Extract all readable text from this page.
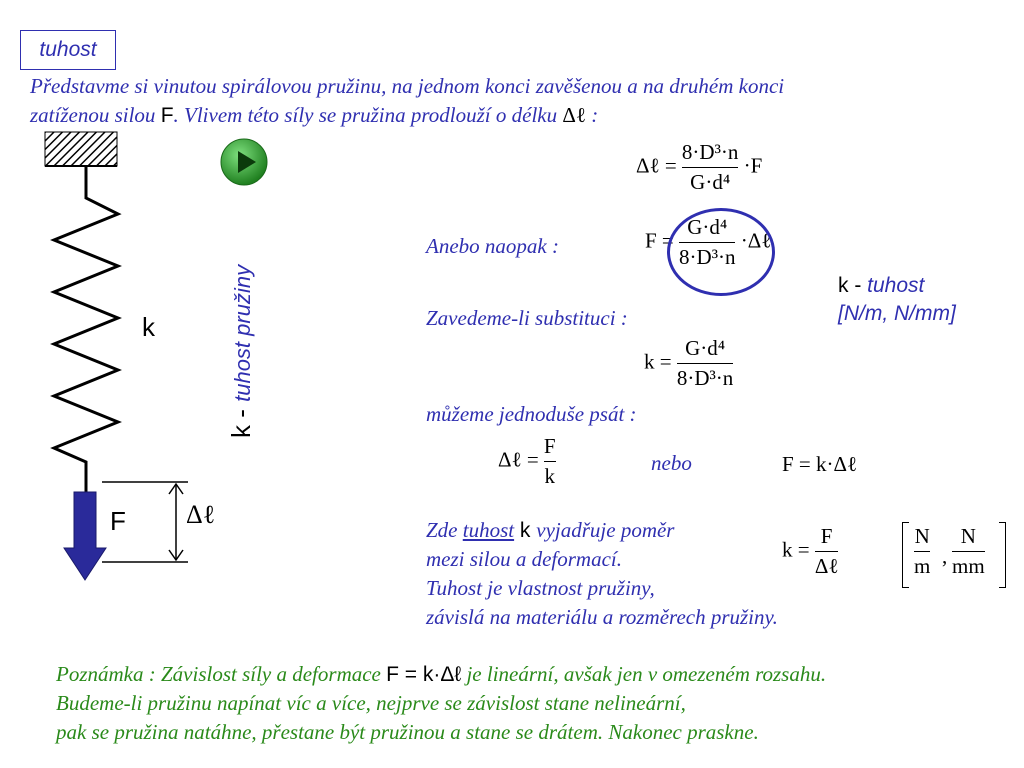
tuhost
Představme si vinutou spirálovou pružinu, na jednom konci zavěšenou a na druhém konci
zatíženou silou F. Vlivem této síly se pružina prodlouží o délku Δℓ :
k
F Δℓ
k - tuhost pružiny
Δℓ = $\frac{\text{8·D³·n}}{\text{G·d⁴}} \cdot F$
Anebo naopak :	$F = \frac{\text{G·d⁴}}{\text{8·D³·n}}$ ·Δℓ
k - tuhost
[N/m, N/mm]
Zavedeme-li substituci :
$k = \frac{\text{G·d⁴}}{\text{8·D³·n}}$
můžeme jednoduše psát :
Δℓ = $\frac{F}{k}$	nebo	F = k·Δℓ
Zde tuhost k vyjadřuje poměr
mezi silou a deformací.
Tuhost je vlastnost pružiny,
závislá na materiálu a rozměrech pružiny.
$k = \frac{F}{\text{Δℓ}}$	N
m ,
N
mm
Poznámka : Závislost síly a deformace F = k·Δℓ je lineární, avšak jen v omezeném rozsahu.
Budeme-li pružinu napínat víc a více, nejprve se závislost stane nelineární,
pak se pružina natáhne, přestane být pružinou a stane se drátem. Nakonec praskne.
